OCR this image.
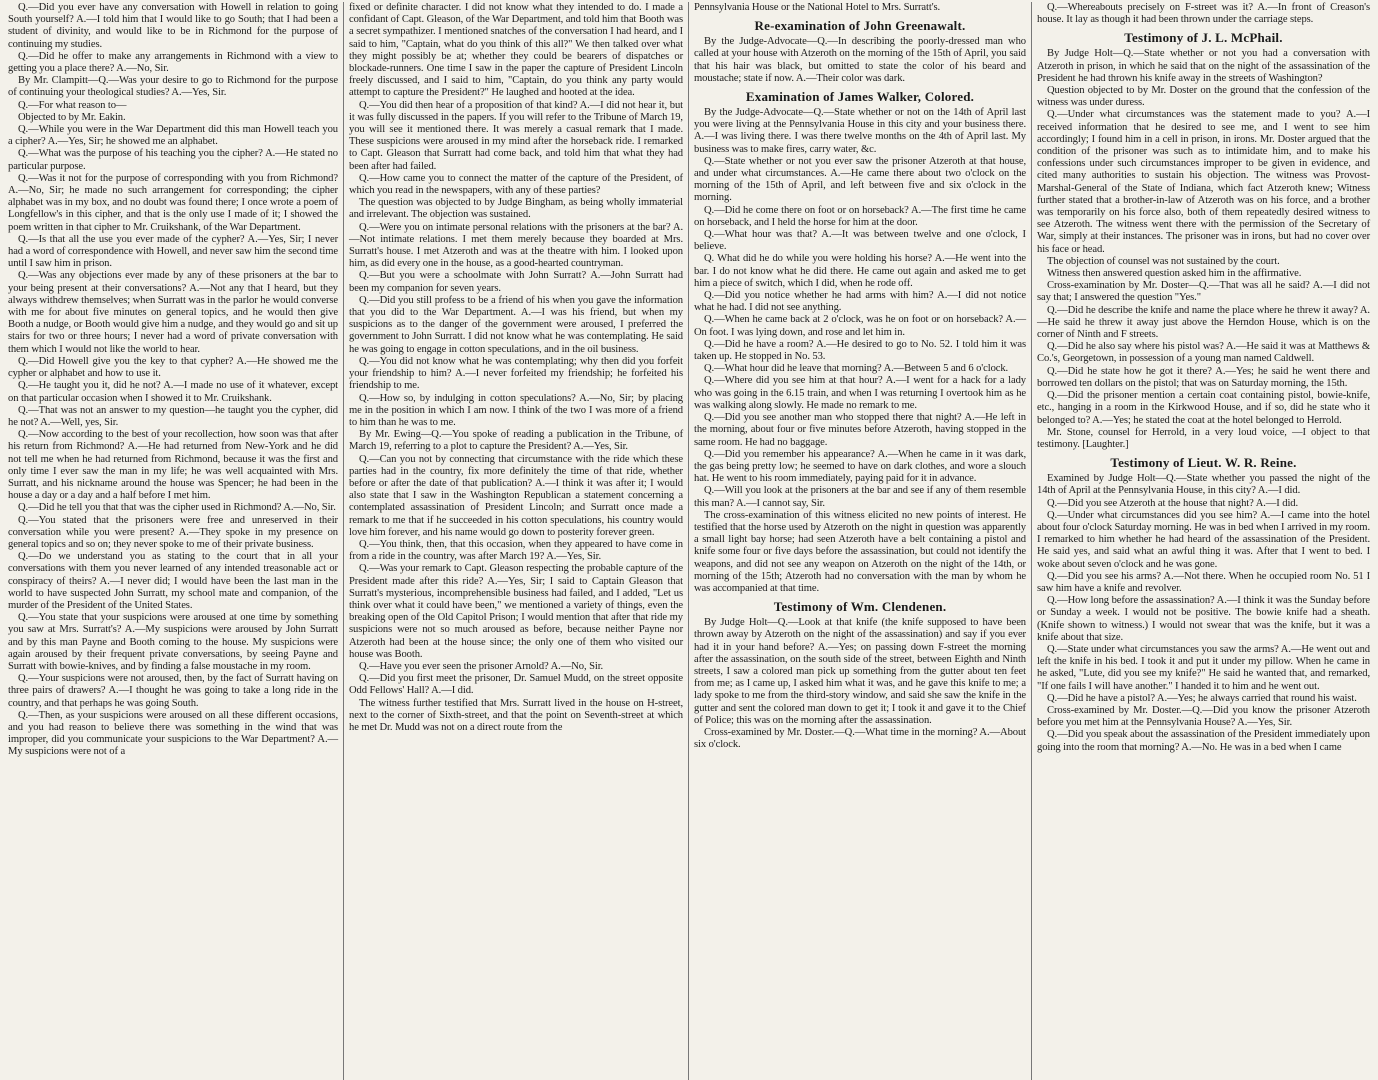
Q.—Did you ever have any conversation with Howell in relation to going South yourself? A.—I told him that I would like to go South; that I had been a student of divinity, and would like to be in Richmond for the purpose of continuing my studies.

Q.—Did he offer to make any arrangements in Richmond with a view to getting you a place there? A.—No, Sir.

By Mr. Clampitt—Q.—Was your desire to go to Richmond for the purpose of continuing your theological studies? A.—Yes, Sir.

Q.—For what reason to—

Objected to by Mr. Eakin.

Q.—While you were in the War Department did this man Howell teach you a cipher? A.—Yes, Sir; he showed me an alphabet.

Q.—What was the purpose of his teaching you the cipher? A.—He stated no particular purpose.

Q.—Was it not for the purpose of corresponding with you from Richmond? A.—No, Sir; he made no such arrangement for corresponding; the cipher alphabet was in my box, and no doubt was found there; I once wrote a poem of Longfellow's in this cipher, and that is the only use I made of it; I showed the poem written in that cipher to Mr. Cruikshank, of the War Department.

Q.—Is that all the use you ever made of the cypher? A.—Yes, Sir; I never had a word of correspondence with Howell, and never saw him the second time until I saw him in prison.

Q.—Was any objections ever made by any of these prisoners at the bar to your being present at their conversations? A.—Not any that I heard, but they always withdrew themselves; when Surratt was in the parlor he would converse with me for about five minutes on general topics, and he would then give Booth a nudge, or Booth would give him a nudge, and they would go and sit up stairs for two or three hours; I never had a word of private conversation with them which I would not like the world to hear.

Q.—Did Howell give you the key to that cypher? A.—He showed me the cypher or alphabet and how to use it.

Q.—He taught you it, did he not? A.—I made no use of it whatever, except on that particular occasion when I showed it to Mr. Cruikshank.

Q.—That was not an answer to my question—he taught you the cypher, did he not? A.—Well, yes, Sir.

Q.—Now according to the best of your recollection, how soon was that after his return from Richmond? A.—He had returned from New-York and he did not tell me when he had returned from Richmond, because it was the first and only time I ever saw the man in my life; he was well acquainted with Mrs. Surratt, and his nickname around the house was Spencer; he had been in the house a day or a day and a half before I met him.

Q.—Did he tell you that that was the cipher used in Richmond? A.—No, Sir.

Q.—You stated that the prisoners were free and unreserved in their conversation while you were present? A.—They spoke in my presence on general topics and so on; they never spoke to me of their private business.

Q.—Do we understand you as stating to the court that in all your conversations with them you never learned of any intended treasonable act or conspiracy of theirs? A.—I never did; I would have been the last man in the world to have suspected John Surratt, my school mate and companion, of the murder of the President of the United States.

Q.—You state that your suspicions were aroused at one time by something you saw at Mrs. Surratt's? A.—My suspicions were aroused by John Surratt and by this man Payne and Booth coming to the house. My suspicions were again aroused by their frequent private conversations, by seeing Payne and Surratt with bowie-knives, and by finding a false moustache in my room.

Q.—Your suspicions were not aroused, then, by the fact of Surratt having on three pairs of drawers? A.—I thought he was going to take a long ride in the country, and that perhaps he was going South.

Q.—Then, as your suspicions were aroused on all these different occasions, and you had reason to believe there was something in the wind that was improper, did you communicate your suspicions to the War Department? A.—My suspicions were not of a

fixed or definite character. I did not know what they intended to do. I made a confidant of Capt. Gleason, of the War Department, and told him that Booth was a secret sympathizer. I mentioned snatches of the conversation I had heard, and I said to him, "Captain, what do you think of this all?" We then talked over what they might possibly be at; whether they could be bearers of dispatches or blockade-runners. One time I saw in the paper the capture of President Lincoln freely discussed, and I said to him, "Captain, do you think any party would attempt to capture the President?" He laughed and hooted at the idea.

Q.—You did then hear of a proposition of that kind? A.—I did not hear it, but it was fully discussed in the papers. If you will refer to the Tribune of March 19, you will see it mentioned there. It was merely a casual remark that I made. These suspicions were aroused in my mind after the horseback ride. I remarked to Capt. Gleason that Surratt had come back, and told him that what they had been after had failed.

Q.—How came you to connect the matter of the capture of the President, of which you read in the newspapers, with any of these parties?

The question was objected to by Judge Bingham, as being wholly immaterial and irrelevant. The objection was sustained.

Q.—Were you on intimate personal relations with the prisoners at the bar? A.—Not intimate relations. I met them merely because they boarded at Mrs. Surratt's house. I met Atzeroth and was at the theatre with him. I looked upon him, as did every one in the house, as a good-hearted countryman.

Q.—But you were a schoolmate with John Surratt? A.—John Surratt had been my companion for seven years.

Q.—Did you still profess to be a friend of his when you gave the information that you did to the War Department. A.—I was his friend, but when my suspicions as to the danger of the government were aroused, I preferred the government to John Surratt. I did not know what he was contemplating. He said he was going to engage in cotton speculations, and in the oil business.

Q.—You did not know what he was contemplating; why then did you forfeit your friendship to him? A.—I never forfeited my friendship; he forfeited his friendship to me.

Q.—How so, by indulging in cotton speculations? A.—No, Sir; by placing me in the position in which I am now. I think of the two I was more of a friend to him than he was to me.

By Mr. Ewing—Q.—You spoke of reading a publication in the Tribune, of March 19, referring to a plot to capture the President? A.—Yes, Sir.

Q.—Can you not by connecting that circumstance with the ride which these parties had in the country, fix more definitely the time of that ride, whether before or after the date of that publication? A.—I think it was after it; I would also state that I saw in the Washington Republican a statement concerning a contemplated assassination of President Lincoln; and Surratt once made a remark to me that if he succeeded in his cotton speculations, his country would love him forever, and his name would go down to posterity forever green.

Q.—You think, then, that this occasion, when they appeared to have come in from a ride in the country, was after March 19? A.—Yes, Sir.

Q.—Was your remark to Capt. Gleason respecting the probable capture of the President made after this ride? A.—Yes, Sir; I said to Captain Gleason that Surratt's mysterious, incomprehensible business had failed, and I added, "Let us think over what it could have been," we mentioned a variety of things, even the breaking open of the Old Capitol Prison; I would mention that after that ride my suspicions were not so much aroused as before, because neither Payne nor Atzeroth had been at the house since; the only one of them who visited our house was Booth.

Q.—Have you ever seen the prisoner Arnold? A.—No, Sir.

Q.—Did you first meet the prisoner, Dr. Samuel Mudd, on the street opposite Odd Fellows' Hall? A.—I did.

The witness further testified that Mrs. Surratt lived in the house on H-street, next to the corner of Sixth-street, and that the point on Seventh-street at which he met Dr. Mudd was not on a direct route from the

Pennsylvania House or the National Hotel to Mrs. Surratt's.

Re-examination of John Greenawalt.

By the Judge-Advocate—Q.—In describing the poorly-dressed man who called at your house with Atzeroth on the morning of the 15th of April, you said that his hair was black, but omitted to state the color of his beard and moustache; state if now. A.—Their color was dark.

Examination of James Walker, Colored.

By the Judge-Advocate—Q.—State whether or not on the 14th of April last you were living at the Pennsylvania House in this city and your business there. A.—I was living there. I was there twelve months on the 4th of April last. My business was to make fires, carry water, &c.

Q.—State whether or not you ever saw the prisoner Atzeroth at that house, and under what circumstances. A.—He came there about two o'clock on the morning of the 15th of April, and left between five and six o'clock in the morning.

Q.—Did he come there on foot or on horseback? A.—The first time he came on horseback, and I held the horse for him at the door.

Q.—What hour was that? A.—It was between twelve and one o'clock, I believe.

Q. What did he do while you were holding his horse? A.—He went into the bar. I do not know what he did there. He came out again and asked me to get him a piece of switch, which I did, when he rode off.

Q.—Did you notice whether he had arms with him? A.—I did not notice what he had. I did not see anything.

Q.—When he came back at 2 o'clock, was he on foot or on horseback? A.—On foot. I was lying down, and rose and let him in.

Q.—Did he have a room? A.—He desired to go to No. 52. I told him it was taken up. He stopped in No. 53.

Q.—What hour did he leave that morning? A.—Between 5 and 6 o'clock.

Q.—Where did you see him at that hour? A.—I went for a hack for a lady who was going in the 6.15 train, and when I was returning I overtook him as he was walking along slowly. He made no remark to me.

Q.—Did you see another man who stopped there that night? A.—He left in the morning, about four or five minutes before Atzeroth, having stopped in the same room. He had no baggage.

Q.—Did you remember his appearance? A.—When he came in it was dark, the gas being pretty low; he seemed to have on dark clothes, and wore a slouch hat. He went to his room immediately, paying paid for it in advance.

Q.—Will you look at the prisoners at the bar and see if any of them resemble this man? A.—I cannot say, Sir.

The cross-examination of this witness elicited no new points of interest. He testified that the horse used by Atzeroth on the night in question was apparently a small light bay horse; had seen Atzeroth have a belt containing a pistol and knife some four or five days before the assassination, but could not identify the weapons, and did not see any weapon on Atzeroth on the night of the 14th, or morning of the 15th; Atzeroth had no conversation with the man by whom he was accompanied at that time.

Testimony of Wm. Clendenen.

By Judge Holt—Q.—Look at that knife (the knife supposed to have been thrown away by Atzeroth on the night of the assassination) and say if you ever had it in your hand before? A.—Yes; on passing down F-street the morning after the assassination, on the south side of the street, between Eighth and Ninth streets, I saw a colored man pick up something from the gutter about ten feet from me; as I came up, I asked him what it was, and he gave this knife to me; a lady spoke to me from the third-story window, and said she saw the knife in the gutter and sent the colored man down to get it; I took it and gave it to the Chief of Police; this was on the morning after the assassination.

Cross-examined by Mr. Doster.—Q.—What time in the morning? A.—About six o'clock.

Q.—Whereabouts precisely on F-street was it? A.—In front of Creason's house. It lay as though it had been thrown under the carriage steps.

Testimony of J. L. McPhail.

By Judge Holt—Q.—State whether or not you had a conversation with Atzeroth in prison, in which he said that on the night of the assassination of the President he had thrown his knife away in the streets of Washington?

Question objected to by Mr. Doster on the ground that the confession of the witness was under duress.

Q.—Under what circumstances was the statement made to you? A.—I received information that he desired to see me, and I went to see him accordingly; I found him in a cell in prison, in irons. Mr. Doster argued that the condition of the prisoner was such as to intimidate him, and to make his confessions under such circumstances improper to be given in evidence, and cited many authorities to sustain his objection. The witness was Provost-Marshal-General of the State of Indiana, which fact Atzeroth knew; Witness further stated that a brother-in-law of Atzeroth was on his force, and a brother was temporarily on his force also, both of them repeatedly desired witness to see Atzeroth. The witness went there with the permission of the Secretary of War, simply at their instances. The prisoner was in irons, but had no cover over his face or head.

The objection of counsel was not sustained by the court.

Witness then answered question asked him in the affirmative.

Cross-examination by Mr. Doster—Q.—That was all he said? A.—I did not say that; I answered the question "Yes."

Q.—Did he describe the knife and name the place where he threw it away? A.—He said he threw it away just above the Herndon House, which is on the corner of Ninth and F streets.

Q.—Did he also say where his pistol was? A.—He said it was at Matthews & Co.'s, Georgetown, in possession of a young man named Caldwell.

Q.—Did he state how he got it there? A.—Yes; he said he went there and borrowed ten dollars on the pistol; that was on Saturday morning, the 15th.

Q.—Did the prisoner mention a certain coat containing pistol, bowie-knife, etc., hanging in a room in the Kirkwood House, and if so, did he state who it belonged to? A.—Yes; he stated the coat at the hotel belonged to Herrold.

Mr. Stone, counsel for Herrold, in a very loud voice, —I object to that testimony. [Laughter.]

Testimony of Lieut. W. R. Reine.

Examined by Judge Holt—Q.—State whether you passed the night of the 14th of April at the Pennsylvania House, in this city? A.—I did.

Q.—Did you see Atzeroth at the house that night? A.—I did.

Q.—Under what circumstances did you see him? A.—I came into the hotel about four o'clock Saturday morning. He was in bed when I arrived in my room. I remarked to him whether he had heard of the assassination of the President. He said yes, and said what an awful thing it was. After that I went to bed. I woke about seven o'clock and he was gone.

Q.—Did you see his arms? A.—Not there. When he occupied room No. 51 I saw him have a knife and revolver.

Q.—How long before the assassination? A.—I think it was the Sunday before or Sunday a week. I would not be positive. The bowie knife had a sheath. (Knife shown to witness.) I would not swear that was the knife, but it was a knife about that size.

Q.—State under what circumstances you saw the arms? A.—He went out and left the knife in his bed. I took it and put it under my pillow. When he came in he asked, "Lute, did you see my knife?" He said he wanted that, and remarked, "If one fails I will have another." I handed it to him and he went out.

Q.—Did he have a pistol? A.—Yes; he always carried that round his waist.

Cross-examined by Mr. Doster.—Q.—Did you know the prisoner Atzeroth before you met him at the Pennsylvania House? A.—Yes, Sir.

Q.—Did you speak about the assassination of the President immediately upon going into the room that morning? A.—No. He was in a bed when I came
